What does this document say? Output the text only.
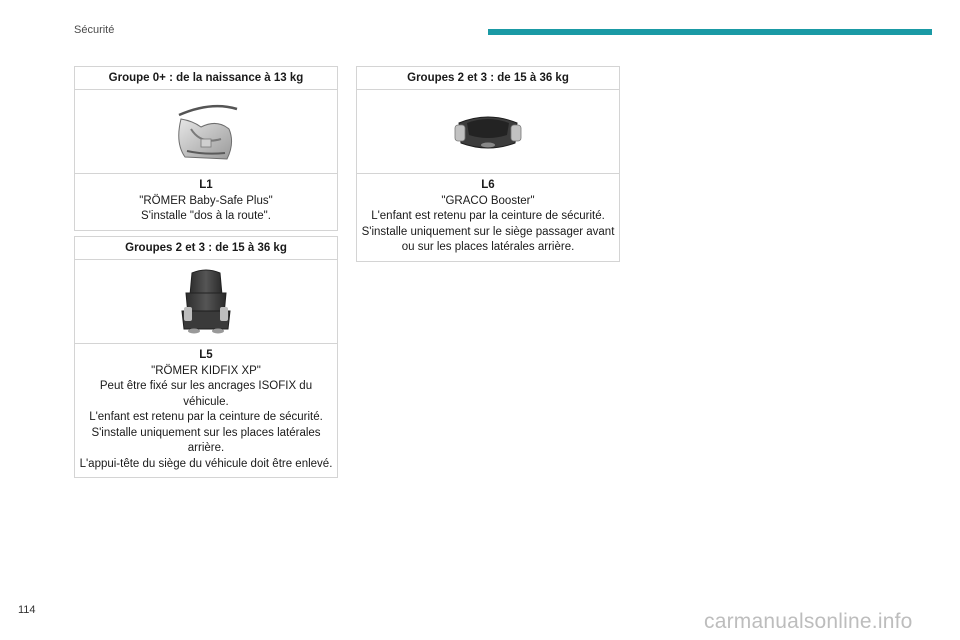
Sécurité
Groupe 0+ : de la naissance à 13 kg
L1
"RÖMER Baby-Safe Plus"
S'installe "dos à la route".
Groupes 2 et 3 : de 15 à 36 kg
L5
"RÖMER KIDFIX XP"
Peut être fixé sur les ancrages ISOFIX du véhicule.
L'enfant est retenu par la ceinture de sécurité.
S'installe uniquement sur les places latérales arrière.
L'appui-tête du siège du véhicule doit être enlevé.
Groupes 2 et 3 : de 15 à 36 kg
L6
"GRACO Booster"
L'enfant est retenu par la ceinture de sécurité.
S'installe uniquement sur le siège passager avant ou sur les places latérales arrière.
114	carmanualsonline.info
